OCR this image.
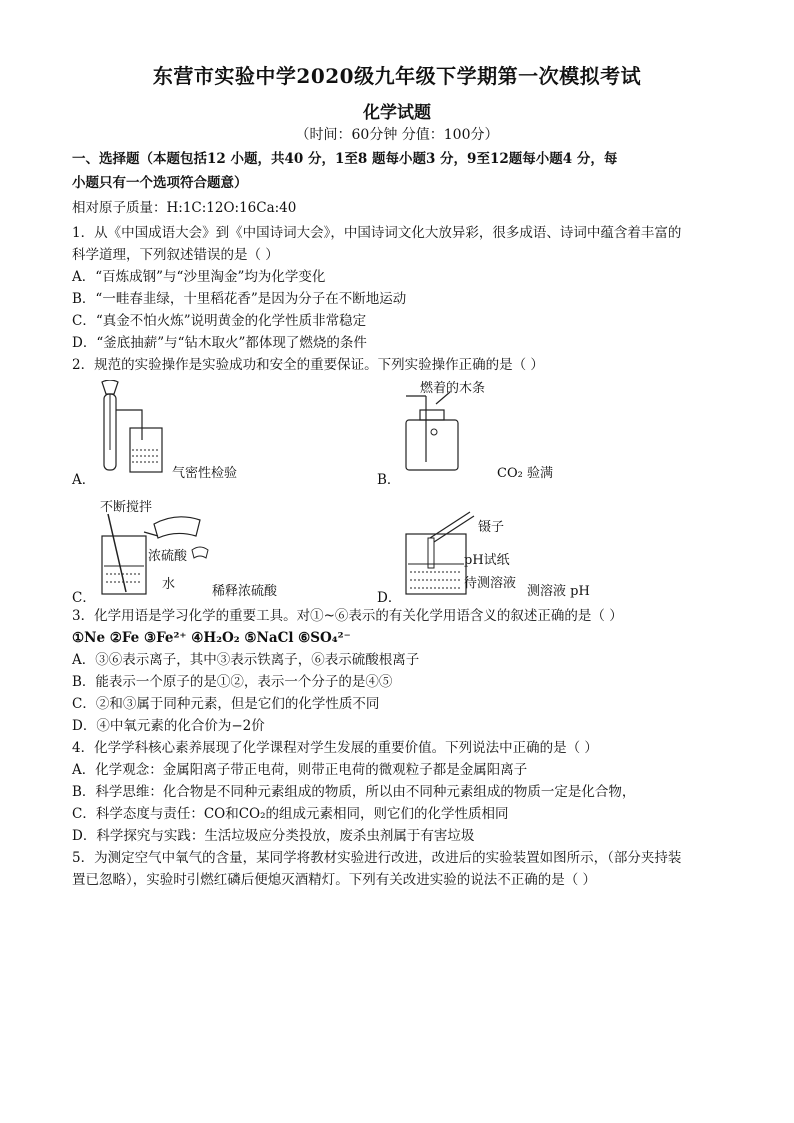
东营市实验中学2020级九年级下学期第一次模拟考试
化学试题
（时间：60分钟 分值：100分）
一、选择题（本题包括12 小题，共40 分，1至8 题每小题3 分，9至12题每小题4 分，每
小题只有一个选项符合题意）
相对原子质量：H:1C:12O:16Ca:40
1．从《中国成语大会》到《中国诗词大会》，中国诗词文化大放异彩，很多成语、诗词中蕴含着丰富的
科学道理，下列叙述错误的是（ ）
A．“百炼成钢”与“沙里淘金”均为化学变化
B．“一畦春韭绿，十里稻花香”是因为分子在不断地运动
C．“真金不怕火炼”说明黄金的化学性质非常稳定
D．“釜底抽薪”与“钻木取火”都体现了燃烧的条件
2．规范的实验操作是实验成功和安全的重要保证。下列实验操作正确的是（ ）
A．	气密性检验	B．
燃着的木条
CO₂ 验满
C．
不断搅拌
浓硫酸
水	稀释浓硫酸	D．
镊子
pH试纸
待测溶液
测溶液 pH
3．化学用语是学习化学的重要工具。对①~⑥表示的有关化学用语含义的叙述正确的是（ ）
①Ne ②Fe ③Fe²⁺ ④H₂O₂ ⑤NaCl ⑥SO₄²⁻
A．③⑥表示离子，其中③表示铁离子，⑥表示硫酸根离子
B．能表示一个原子的是①②，表示一个分子的是④⑤
C．②和③属于同种元素，但是它们的化学性质不同
D．④中氧元素的化合价为−2价
4．化学学科核心素养展现了化学课程对学生发展的重要价值。下列说法中正确的是（ ）
A．化学观念：金属阳离子带正电荷，则带正电荷的微观粒子都是金属阳离子
B．科学思维：化合物是不同种元素组成的物质，所以由不同种元素组成的物质一定是化合物，
C．科学态度与责任：CO和CO₂的组成元素相同，则它们的化学性质相同
D．科学探究与实践：生活垃圾应分类投放，废杀虫剂属于有害垃圾
5．为测定空气中氧气的含量，某同学将教材实验进行改进，改进后的实验装置如图所示，（部分夹持装
置已忽略），实验时引燃红磷后便熄灭酒精灯。下列有关改进实验的说法不正确的是（ ）
